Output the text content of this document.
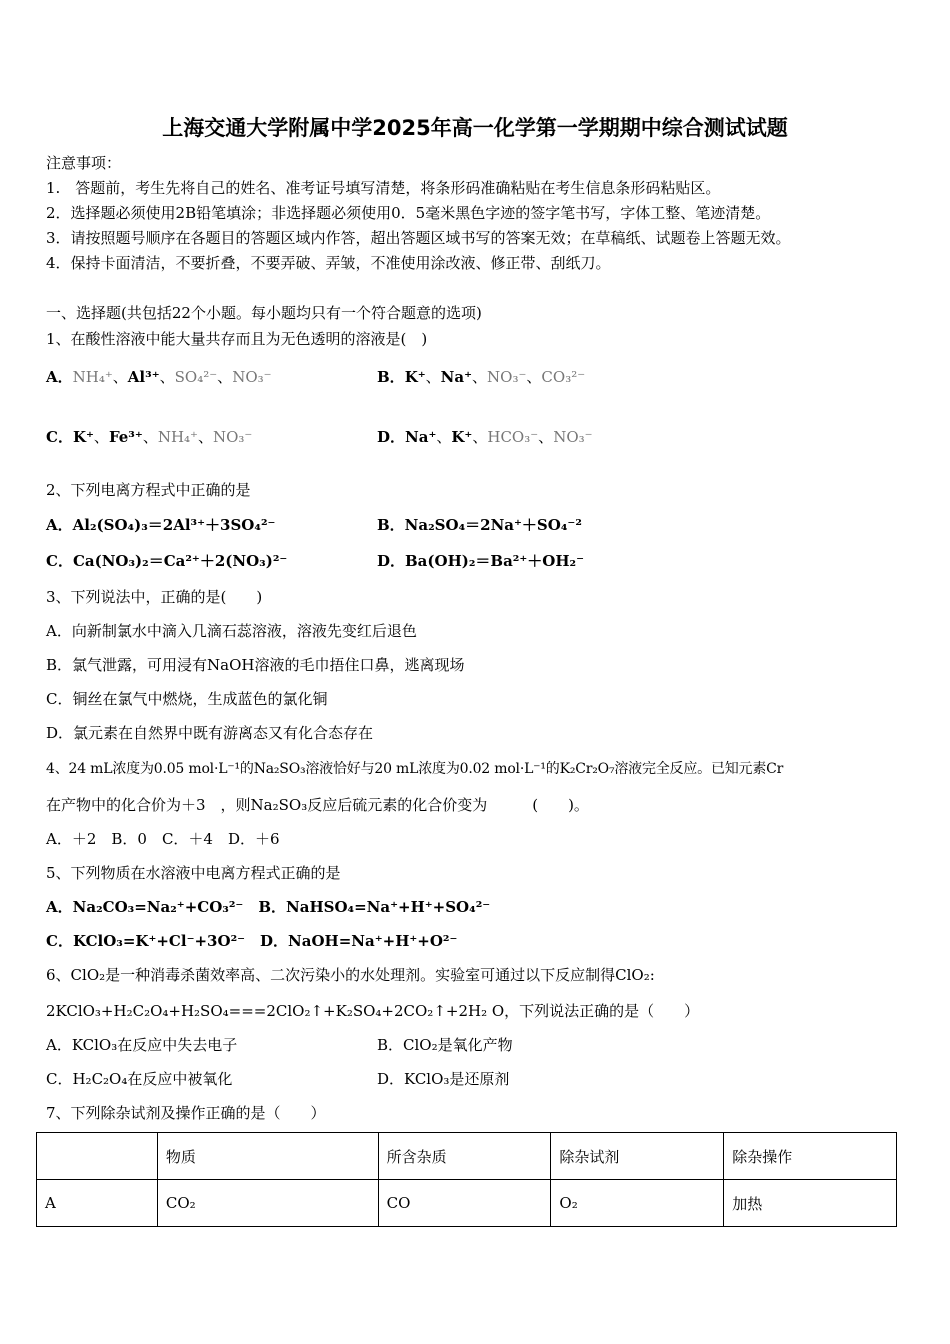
上海交通大学附属中学2025年高一化学第一学期期中综合测试试题
注意事项：
1.　答题前，考生先将自己的姓名、准考证号填写清楚，将条形码准确粘贴在考生信息条形码粘贴区。
2．选择题必须使用2B铅笔填涂；非选择题必须使用0．5毫米黑色字迹的签字笔书写，字体工整、笔迹清楚。
3．请按照题号顺序在各题目的答题区域内作答，超出答题区域书写的答案无效；在草稿纸、试题卷上答题无效。
4．保持卡面清洁，不要折叠，不要弄破、弄皱，不准使用涂改液、修正带、刮纸刀。
一、选择题(共包括22个小题。每小题均只有一个符合题意的选项)
1、在酸性溶液中能大量共存而且为无色透明的溶液是(　)
A．NH₄⁺、Al³⁺、SO₄²⁻、NO₃⁻	B．K⁺、Na⁺、NO₃⁻、CO₃²⁻
C．K⁺、Fe³⁺、NH₄⁺、NO₃⁻	D．Na⁺、K⁺、HCO₃⁻、NO₃⁻
2、下列电离方程式中正确的是
A．Al₂(SO₄)₃＝2Al³⁺＋3SO₄²⁻	B．Na₂SO₄＝2Na⁺＋SO₄⁻²
C．Ca(NO₃)₂＝Ca²⁺＋2(NO₃)²⁻	D．Ba(OH)₂＝Ba²⁺＋OH₂⁻
3、下列说法中，正确的是(　　)
A．向新制氯水中滴入几滴石蕊溶液，溶液先变红后退色
B．氯气泄露，可用浸有NaOH溶液的毛巾捂住口鼻，逃离现场
C．铜丝在氯气中燃烧，生成蓝色的氯化铜
D．氯元素在自然界中既有游离态又有化合态存在
4、24 mL浓度为0.05 mol·L⁻¹的Na₂SO₃溶液恰好与20 mL浓度为0.02 mol·L⁻¹的K₂Cr₂O₇溶液完全反应。已知元素Cr
在产物中的化合价为＋3　，则Na₂SO₃反应后硫元素的化合价变为　　　(　　)。
A．＋2　B．0　C．＋4　D．＋6
5、下列物质在水溶液中电离方程式正确的是
A．Na₂CO₃=Na₂⁺+CO₃²⁻　B．NaHSO₄=Na⁺+H⁺+SO₄²⁻
C．KClO₃=K⁺+Cl⁻+3O²⁻　D．NaOH=Na⁺+H⁺+O²⁻
6、ClO₂是一种消毒杀菌效率高、二次污染小的水处理剂。实验室可通过以下反应制得ClO₂:
2KClO₃+H₂C₂O₄+H₂SO₄===2ClO₂↑+K₂SO₄+2CO₂↑+2H₂ O，下列说法正确的是（　　）
A．KClO₃在反应中失去电子	B．ClO₂是氧化产物
C．H₂C₂O₄在反应中被氧化	D．KClO₃是还原剂
7、下列除杂试剂及操作正确的是（　　）
	物质	所含杂质	除杂试剂	除杂操作
A	CO₂	CO	O₂	加热
